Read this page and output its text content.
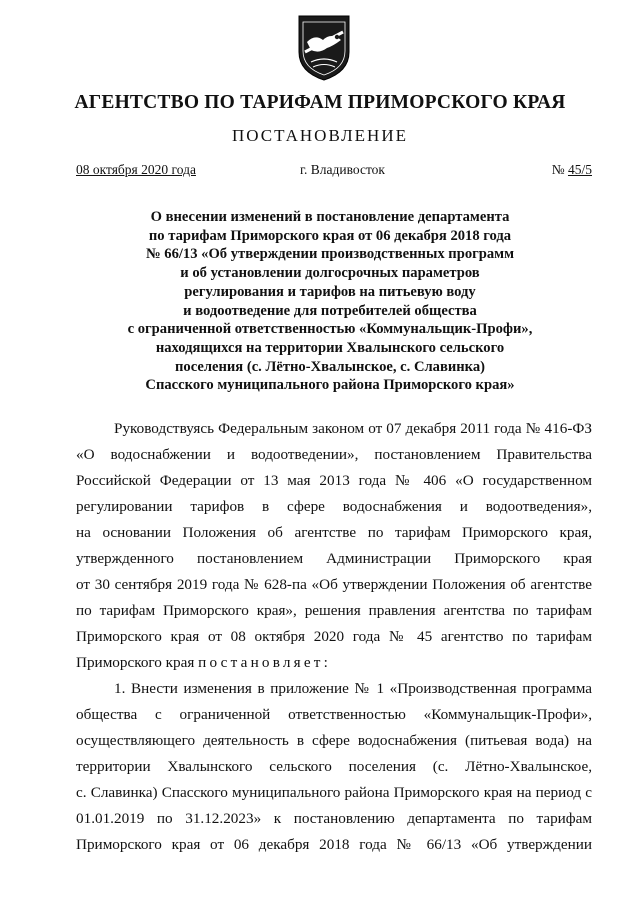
АГЕНТСТВО ПО ТАРИФАМ ПРИМОРСКОГО КРАЯ
ПОСТАНОВЛЕНИЕ
08 октября 2020 года	г. Владивосток	№ 45/5
О внесении изменений в постановление департамента
по тарифам Приморского края от 06 декабря 2018 года
№ 66/13 «Об утверждении производственных программ
и об установлении долгосрочных параметров
регулирования и тарифов на питьевую воду
и водоотведение для потребителей общества
с ограниченной ответственностью «Коммунальщик-Профи»,
находящихся на территории Хвалынского сельского
поселения (с. Лётно-Хвалынское, с. Славинка)
Спасского муниципального района Приморского края»
Руководствуясь Федеральным законом от 07 декабря 2011 года № 416-ФЗ
«О водоснабжении и водоотведении», постановлением Правительства
Российской Федерации от 13 мая 2013 года № 406 «О государственном
регулировании тарифов в сфере водоснабжения и водоотведения»,
на основании Положения об агентстве по тарифам Приморского края,
утвержденного постановлением Администрации Приморского края
от 30 сентября 2019 года № 628-па «Об утверждении Положения об агентстве
по тарифам Приморского края», решения правления агентства по тарифам
Приморского края от 08 октября 2020 года № 45 агентство по тарифам
Приморского края постановляет:
1. Внести изменения в приложение № 1 «Производственная программа
общества с ограниченной ответственностью «Коммунальщик-Профи»,
осуществляющего деятельность в сфере водоснабжения (питьевая вода) на
территории Хвалынского сельского поселения (с. Лётно-Хвалынское,
с. Славинка) Спасского муниципального района Приморского края на период с
01.01.2019 по 31.12.2023» к постановлению департамента по тарифам
Приморского края от 06 декабря 2018 года № 66/13 «Об утверждении
